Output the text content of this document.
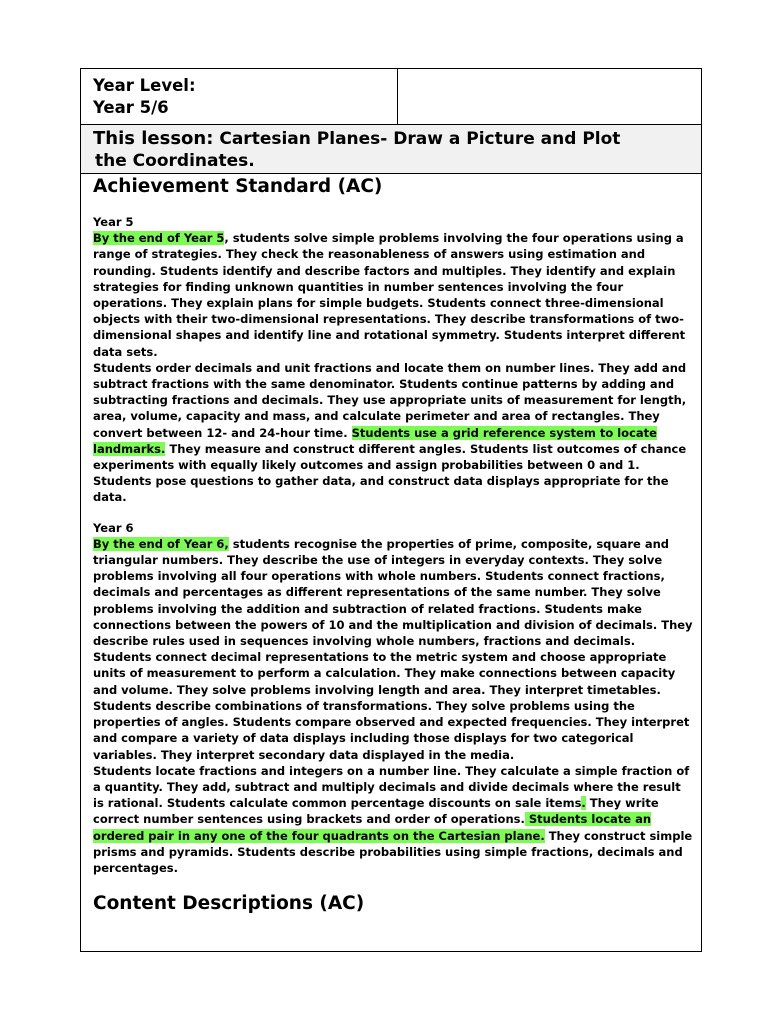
Year Level:
Year 5/6
This lesson: Cartesian Planes- Draw a Picture and Plot
the Coordinates.
Achievement Standard (AC)
Year 5

By the end of Year 5, students solve simple problems involving the four operations using a range of strategies. They check the reasonableness of answers using estimation and rounding. Students identify and describe factors and multiples. They identify and explain strategies for finding unknown quantities in number sentences involving the four operations. They explain plans for simple budgets. Students connect three-dimensional objects with their two-dimensional representations. They describe transformations of two-dimensional shapes and identify line and rotational symmetry. Students interpret different data sets.

Students order decimals and unit fractions and locate them on number lines. They add and subtract fractions with the same denominator. Students continue patterns by adding and subtracting fractions and decimals. They use appropriate units of measurement for length, area, volume, capacity and mass, and calculate perimeter and area of rectangles. They convert between 12- and 24-hour time. Students use a grid reference system to locate landmarks. They measure and construct different angles. Students list outcomes of chance experiments with equally likely outcomes and assign probabilities between 0 and 1. Students pose questions to gather data, and construct data displays appropriate for the data.

Year 6

By the end of Year 6, students recognise the properties of prime, composite, square and triangular numbers. They describe the use of integers in everyday contexts. They solve problems involving all four operations with whole numbers. Students connect fractions, decimals and percentages as different representations of the same number. They solve problems involving the addition and subtraction of related fractions. Students make connections between the powers of 10 and the multiplication and division of decimals. They describe rules used in sequences involving whole numbers, fractions and decimals. Students connect decimal representations to the metric system and choose appropriate units of measurement to perform a calculation. They make connections between capacity and volume. They solve problems involving length and area. They interpret timetables. Students describe combinations of transformations. They solve problems using the properties of angles. Students compare observed and expected frequencies. They interpret and compare a variety of data displays including those displays for two categorical variables. They interpret secondary data displayed in the media.

Students locate fractions and integers on a number line. They calculate a simple fraction of a quantity. They add, subtract and multiply decimals and divide decimals where the result is rational. Students calculate common percentage discounts on sale items. They write correct number sentences using brackets and order of operations. Students locate an ordered pair in any one of the four quadrants on the Cartesian plane. They construct simple prisms and pyramids. Students describe probabilities using simple fractions, decimals and percentages.

Content Descriptions (AC)
